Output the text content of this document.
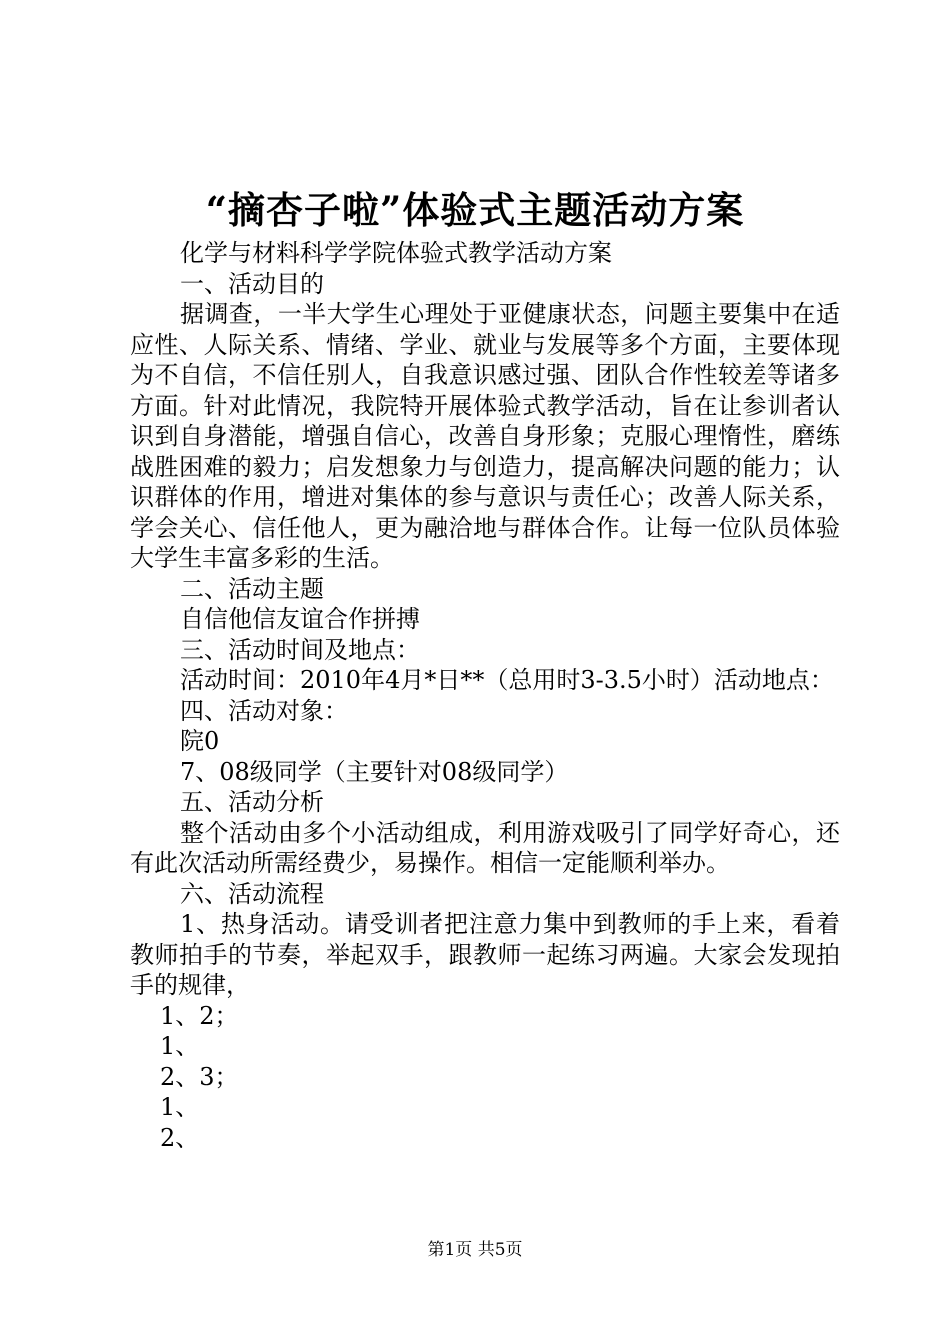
“摘杏子啦”体验式主题活动方案

化学与材料科学学院体验式教学活动方案

一、活动目的

据调查，一半大学生心理处于亚健康状态，问题主要集中在适应性、人际关系、情绪、学业、就业与发展等多个方面，主要体现为不自信，不信任别人，自我意识感过强、团队合作性较差等诸多方面。针对此情况，我院特开展体验式教学活动，旨在让参训者认识到自身潜能，增强自信心，改善自身形象；克服心理惰性，磨练战胜困难的毅力；启发想象力与创造力，提高解决问题的能力；认识群体的作用，增进对集体的参与意识与责任心；改善人际关系，学会关心、信任他人，更为融洽地与群体合作。让每一位队员体验大学生丰富多彩的生活。

二、活动主题

自信他信友谊合作拼搏

三、活动时间及地点：

活动时间：2010年4月*日**（总用时3-3.5小时）活动地点：

四、活动对象：

院0

7、08级同学（主要针对08级同学）

五、活动分析

整个活动由多个小活动组成，利用游戏吸引了同学好奇心，还有此次活动所需经费少，易操作。相信一定能顺利举办。

六、活动流程

1、热身活动。请受训者把注意力集中到教师的手上来，看着教师拍手的节奏，举起双手，跟教师一起练习两遍。大家会发现拍手的规律，

1、2；

1、

2、3；

1、

2、

第1页 共5页
